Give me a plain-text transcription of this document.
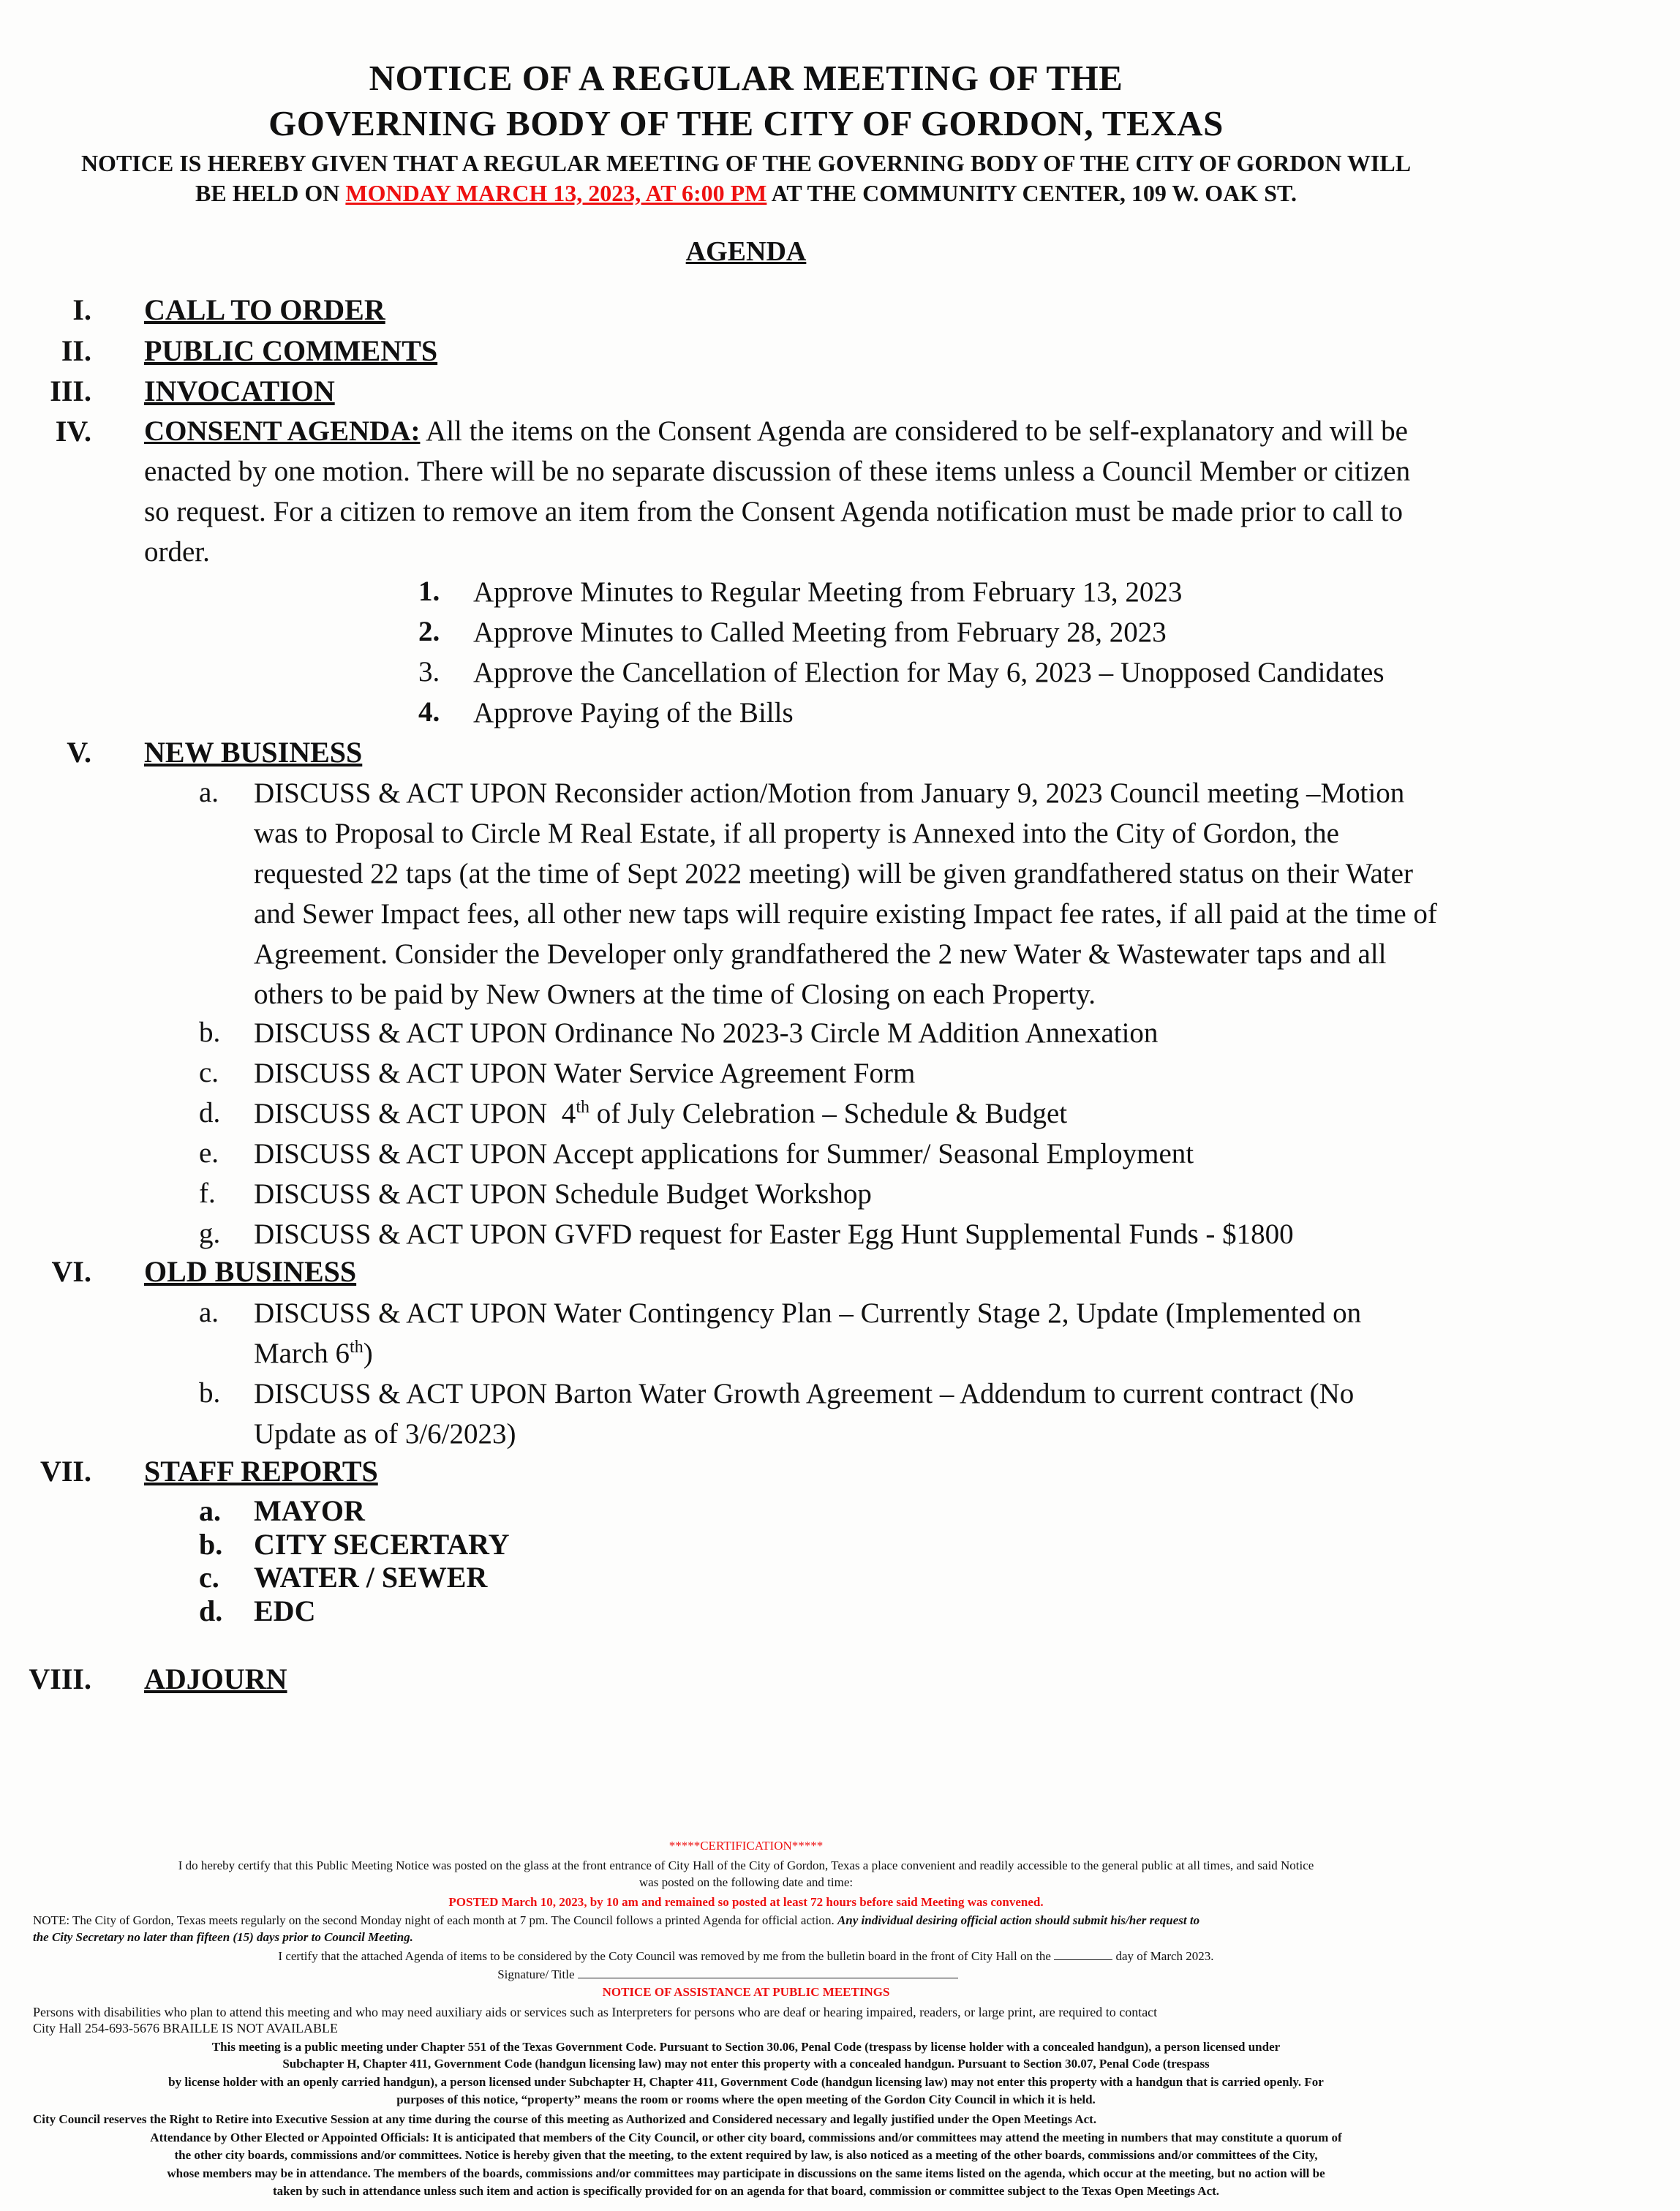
NOTICE OF A REGULAR MEETING OF THE
GOVERNING BODY OF THE CITY OF GORDON, TEXAS
NOTICE IS HEREBY GIVEN THAT A REGULAR MEETING OF THE GOVERNING BODY OF THE CITY OF GORDON WILL
BE HELD ON MONDAY MARCH 13, 2023, AT 6:00 PM AT THE COMMUNITY CENTER, 109 W. OAK ST.
AGENDA
I. CALL TO ORDER
II. PUBLIC COMMENTS
III. INVOCATION
IV. CONSENT AGENDA: All the items on the Consent Agenda are considered to be self-explanatory and will be
enacted by one motion. There will be no separate discussion of these items unless a Council Member or citizen
so request. For a citizen to remove an item from the Consent Agenda notification must be made prior to call to
order.
1. Approve Minutes to Regular Meeting from February 13, 2023
2. Approve Minutes to Called Meeting from February 28, 2023
3. Approve the Cancellation of Election for May 6, 2023 – Unopposed Candidates
4. Approve Paying of the Bills
V. NEW BUSINESS
a. DISCUSS & ACT UPON Reconsider action/Motion from January 9, 2023 Council meeting –Motion
was to Proposal to Circle M Real Estate, if all property is Annexed into the City of Gordon, the
requested 22 taps (at the time of Sept 2022 meeting) will be given grandfathered status on their Water
and Sewer Impact fees, all other new taps will require existing Impact fee rates, if all paid at the time of
Agreement. Consider the Developer only grandfathered the 2 new Water & Wastewater taps and all
others to be paid by New Owners at the time of Closing on each Property.
b. DISCUSS & ACT UPON Ordinance No 2023-3 Circle M Addition Annexation
c. DISCUSS & ACT UPON Water Service Agreement Form
d. DISCUSS & ACT UPON  4th of July Celebration – Schedule & Budget
e. DISCUSS & ACT UPON Accept applications for Summer/ Seasonal Employment
f. DISCUSS & ACT UPON Schedule Budget Workshop
g. DISCUSS & ACT UPON GVFD request for Easter Egg Hunt Supplemental Funds - $1800
VI. OLD BUSINESS
a. DISCUSS & ACT UPON Water Contingency Plan – Currently Stage 2, Update (Implemented on
March 6th)
b. DISCUSS & ACT UPON Barton Water Growth Agreement – Addendum to current contract (No
Update as of 3/6/2023)
VII. STAFF REPORTS
a. MAYOR
b. CITY SECERTARY
c. WATER / SEWER
d. EDC
VIII. ADJOURN
*****CERTIFICATION*****
I do hereby certify that this Public Meeting Notice was posted on the glass at the front entrance of City Hall of the City of Gordon, Texas a place convenient and readily accessible to the general public at all times, and said Notice
was posted on the following date and time:
POSTED March 10, 2023, by 10 am and remained so posted at least 72 hours before said Meeting was convened.
NOTE: The City of Gordon, Texas meets regularly on the second Monday night of each month at 7 pm. The Council follows a printed Agenda for official action. Any individual desiring official action should submit his/her request to
the City Secretary no later than fifteen (15) days prior to Council Meeting.
I certify that the attached Agenda of items to be considered by the Coty Council was removed by me from the bulletin board in the front of City Hall on the	day of March 2023.
Signature/ Title
NOTICE OF ASSISTANCE AT PUBLIC MEETINGS
Persons with disabilities who plan to attend this meeting and who may need auxiliary aids or services such as Interpreters for persons who are deaf or hearing impaired, readers, or large print, are required to contact
City Hall 254-693-5676 BRAILLE IS NOT AVAILABLE
This meeting is a public meeting under Chapter 551 of the Texas Government Code. Pursuant to Section 30.06, Penal Code (trespass by license holder with a concealed handgun), a person licensed under
Subchapter H, Chapter 411, Government Code (handgun licensing law) may not enter this property with a concealed handgun. Pursuant to Section 30.07, Penal Code (trespass
by license holder with an openly carried handgun), a person licensed under Subchapter H, Chapter 411, Government Code (handgun licensing law) may not enter this property with a handgun that is carried openly. For
purposes of this notice, “property” means the room or rooms where the open meeting of the Gordon City Council in which it is held.
City Council reserves the Right to Retire into Executive Session at any time during the course of this meeting as Authorized and Considered necessary and legally justified under the Open Meetings Act.
Attendance by Other Elected or Appointed Officials: It is anticipated that members of the City Council, or other city board, commissions and/or committees may attend the meeting in numbers that may constitute a quorum of
the other city boards, commissions and/or committees. Notice is hereby given that the meeting, to the extent required by law, is also noticed as a meeting of the other boards, commissions and/or committees of the City,
whose members may be in attendance. The members of the boards, commissions and/or committees may participate in discussions on the same items listed on the agenda, which occur at the meeting, but no action will be
taken by such in attendance unless such item and action is specifically provided for on an agenda for that board, commission or committee subject to the Texas Open Meetings Act.
